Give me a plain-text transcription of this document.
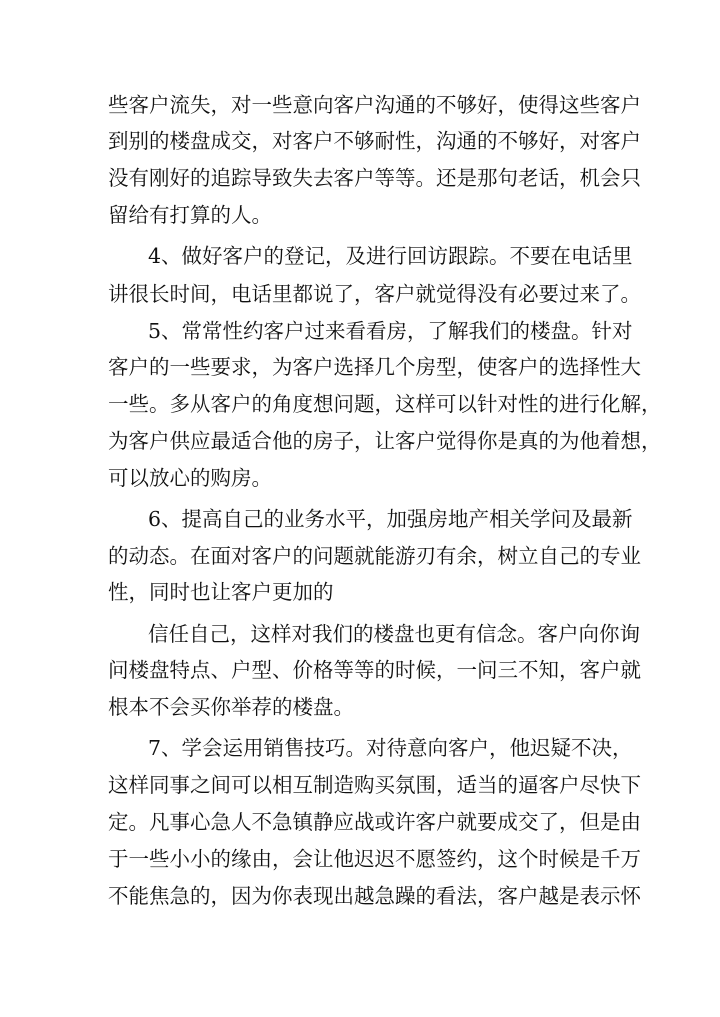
些客户流失，对一些意向客户沟通的不够好，使得这些客户
到别的楼盘成交，对客户不够耐性，沟通的不够好，对客户
没有刚好的追踪导致失去客户等等。还是那句老话，机会只
留给有打算的人。
4、做好客户的登记，及进行回访跟踪。不要在电话里
讲很长时间，电话里都说了，客户就觉得没有必要过来了。
5、常常性约客户过来看看房，了解我们的楼盘。针对
客户的一些要求，为客户选择几个房型，使客户的选择性大
一些。多从客户的角度想问题，这样可以针对性的进行化解，
为客户供应最适合他的房子，让客户觉得你是真的为他着想，
可以放心的购房。
6、提高自己的业务水平，加强房地产相关学问及最新
的动态。在面对客户的问题就能游刃有余，树立自己的专业
性，同时也让客户更加的
信任自己，这样对我们的楼盘也更有信念。客户向你询
问楼盘特点、户型、价格等等的时候，一问三不知，客户就
根本不会买你举荐的楼盘。
7、学会运用销售技巧。对待意向客户，他迟疑不决，
这样同事之间可以相互制造购买氛围，适当的逼客户尽快下
定。凡事心急人不急镇静应战或许客户就要成交了，但是由
于一些小小的缘由，会让他迟迟不愿签约，这个时候是千万
不能焦急的，因为你表现出越急躁的看法，客户越是表示怀
